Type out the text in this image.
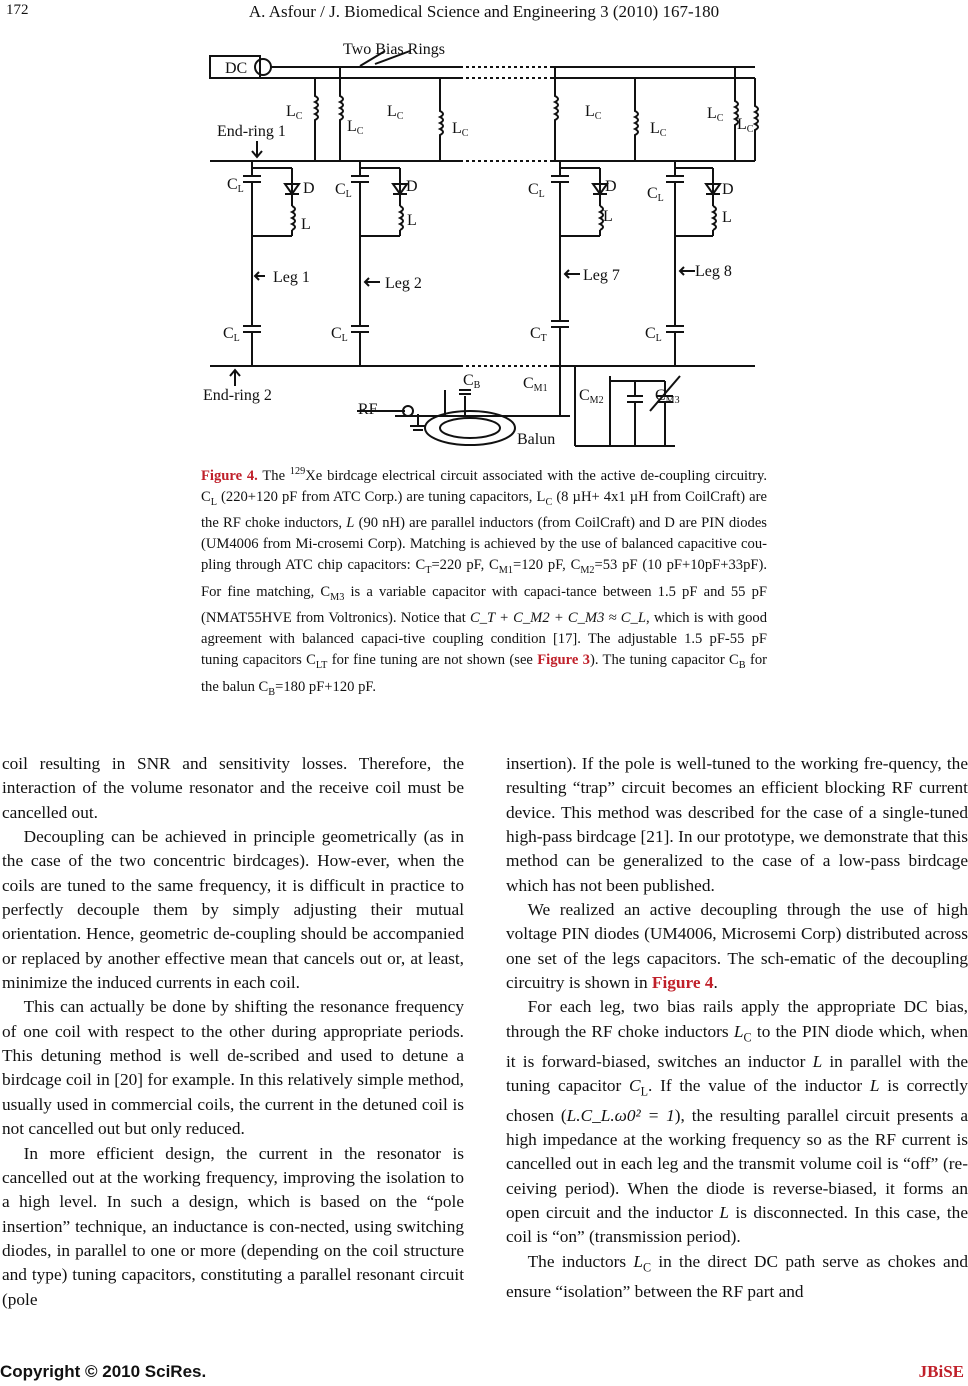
172	A. Asfour / J. Biomedical Science and Engineering 3 (2010) 167-180
DC
Two Bias Rings
End-ring 1
End-ring 2
RF
Balun
LC
LC
LC
LC
LC
LC
LC LC
CL	CL	CL	CL
CL	CL	CL
D	D	D	D
L	L	L	L
Leg 1	Leg 2	Leg 7	Leg 8
CT
CB	CM1 CM2	CM3
Figure 4. The $^{129}$Xe birdcage electrical circuit associated with the active de-coupling circuitry. $C_L$ (220+120 pF from ATC Corp.) are tuning capacitors, $L_C$ (8 µH+ 4x1 µH from CoilCraft) are the RF choke inductors, L (90 nH) are parallel inductors (from CoilCraft) and D are PIN diodes (UM4006 from Mi-crosemi Corp). Matching is achieved by the use of balanced capacitive cou-pling through ATC chip capacitors: $C_T=220$ pF, $C_{M1}=120$ pF, $C_{M2}=53$ pF (10 pF+10pF+33pF). For fine matching, $C_{M3}$ is a variable capacitor with capaci-tance between 1.5 pF and 55 pF (NMAT55HVE from Voltronics). Notice that C_T + C_M2 + C_M3 ≈ C_L, which is with good agreement with balanced capaci-tive coupling condition [17]. The adjustable 1.5 pF-55 pF tuning capacitors $C_{LT}$ for fine tuning are not shown (see Figure 3). The tuning capacitor $C_B$ for the balun $C_B=180$ pF+120 pF.

coil resulting in SNR and sensitivity losses. Therefore, the interaction of the volume resonator and the receive coil must be cancelled out.

Decoupling can be achieved in principle geometrically (as in the case of the two concentric birdcages). How-ever, when the coils are tuned to the same frequency, it is difficult in practice to perfectly decouple them by simply adjusting their mutual orientation. Hence, geometric de-coupling should be accompanied or replaced by another effective mean that cancels out or, at least, minimize the induced currents in each coil.

This can actually be done by shifting the resonance frequency of one coil with respect to the other during appropriate periods. This detuning method is well de-scribed and used to detune a birdcage coil in [20] for example. In this relatively simple method, usually used in commercial coils, the current in the detuned coil is not cancelled out but only reduced.

In more efficient design, the current in the resonator is cancelled out at the working frequency, improving the isolation to a high level. In such a design, which is based on the “pole insertion” technique, an inductance is con-nected, using switching diodes, in parallel to one or more (depending on the coil structure and type) tuning capacitors, constituting a parallel resonant circuit (pole

insertion). If the pole is well-tuned to the working fre-quency, the resulting “trap” circuit becomes an efficient blocking RF current device. This method was described for the case of a single-tuned high-pass birdcage [21]. In our prototype, we demonstrate that this method can be generalized to the case of a low-pass birdcage which has not been published.

We realized an active decoupling through the use of high voltage PIN diodes (UM4006, Microsemi Corp) distributed across one set of the legs capacitors. The sch-ematic of the decoupling circuitry is shown in Figure 4.

For each leg, two bias rails apply the appropriate DC bias, through the RF choke inductors $L_C$ to the PIN diode which, when it is forward-biased, switches an inductor L in parallel with the tuning capacitor $C_L$. If the value of the inductor L is correctly chosen (L.C_L.ω0² = 1), the resulting parallel circuit presents a high impedance at the working frequency so as the RF current is cancelled out in each leg and the transmit volume coil is “off” (re-ceiving period). When the diode is reverse-biased, it forms an open circuit and the inductor L is disconnected. In this case, the coil is “on” (transmission period).

The inductors $L_C$ in the direct DC path serve as chokes and ensure “isolation” between the RF part and

Copyright © 2010 SciRes.	JBiSE
